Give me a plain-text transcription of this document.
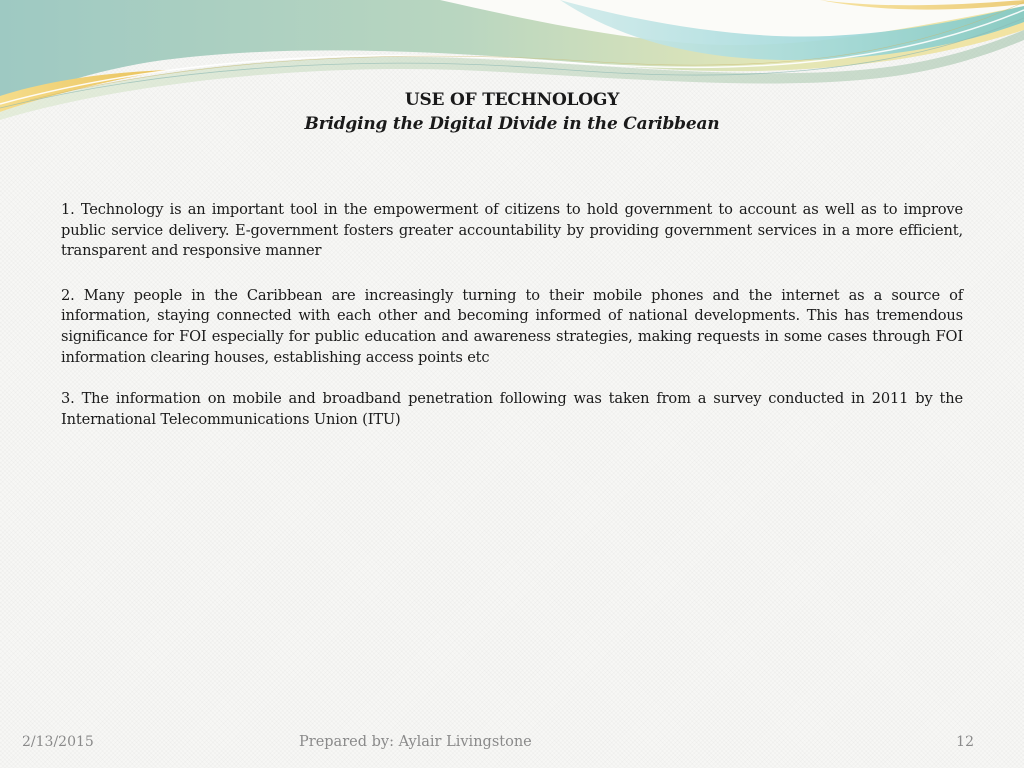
USE OF TECHNOLOGY
Bridging the Digital Divide in the Caribbean

1. Technology is an important tool in the empowerment of citizens to hold government to account as well as to improve public service delivery. E-government fosters greater accountability by providing government services in a more efficient, transparent and responsive manner

2. Many people in the Caribbean are increasingly turning to their mobile phones and the internet as a source of information, staying connected with each other and becoming informed of national developments. This has tremendous significance for FOI especially for public education and awareness strategies, making requests in some cases through FOI information clearing houses, establishing access points etc

3. The information on mobile and broadband penetration following was taken from a survey conducted in 2011 by the International Telecommunications Union (ITU)

2/13/2015	Prepared by: Aylair Livingstone	12
